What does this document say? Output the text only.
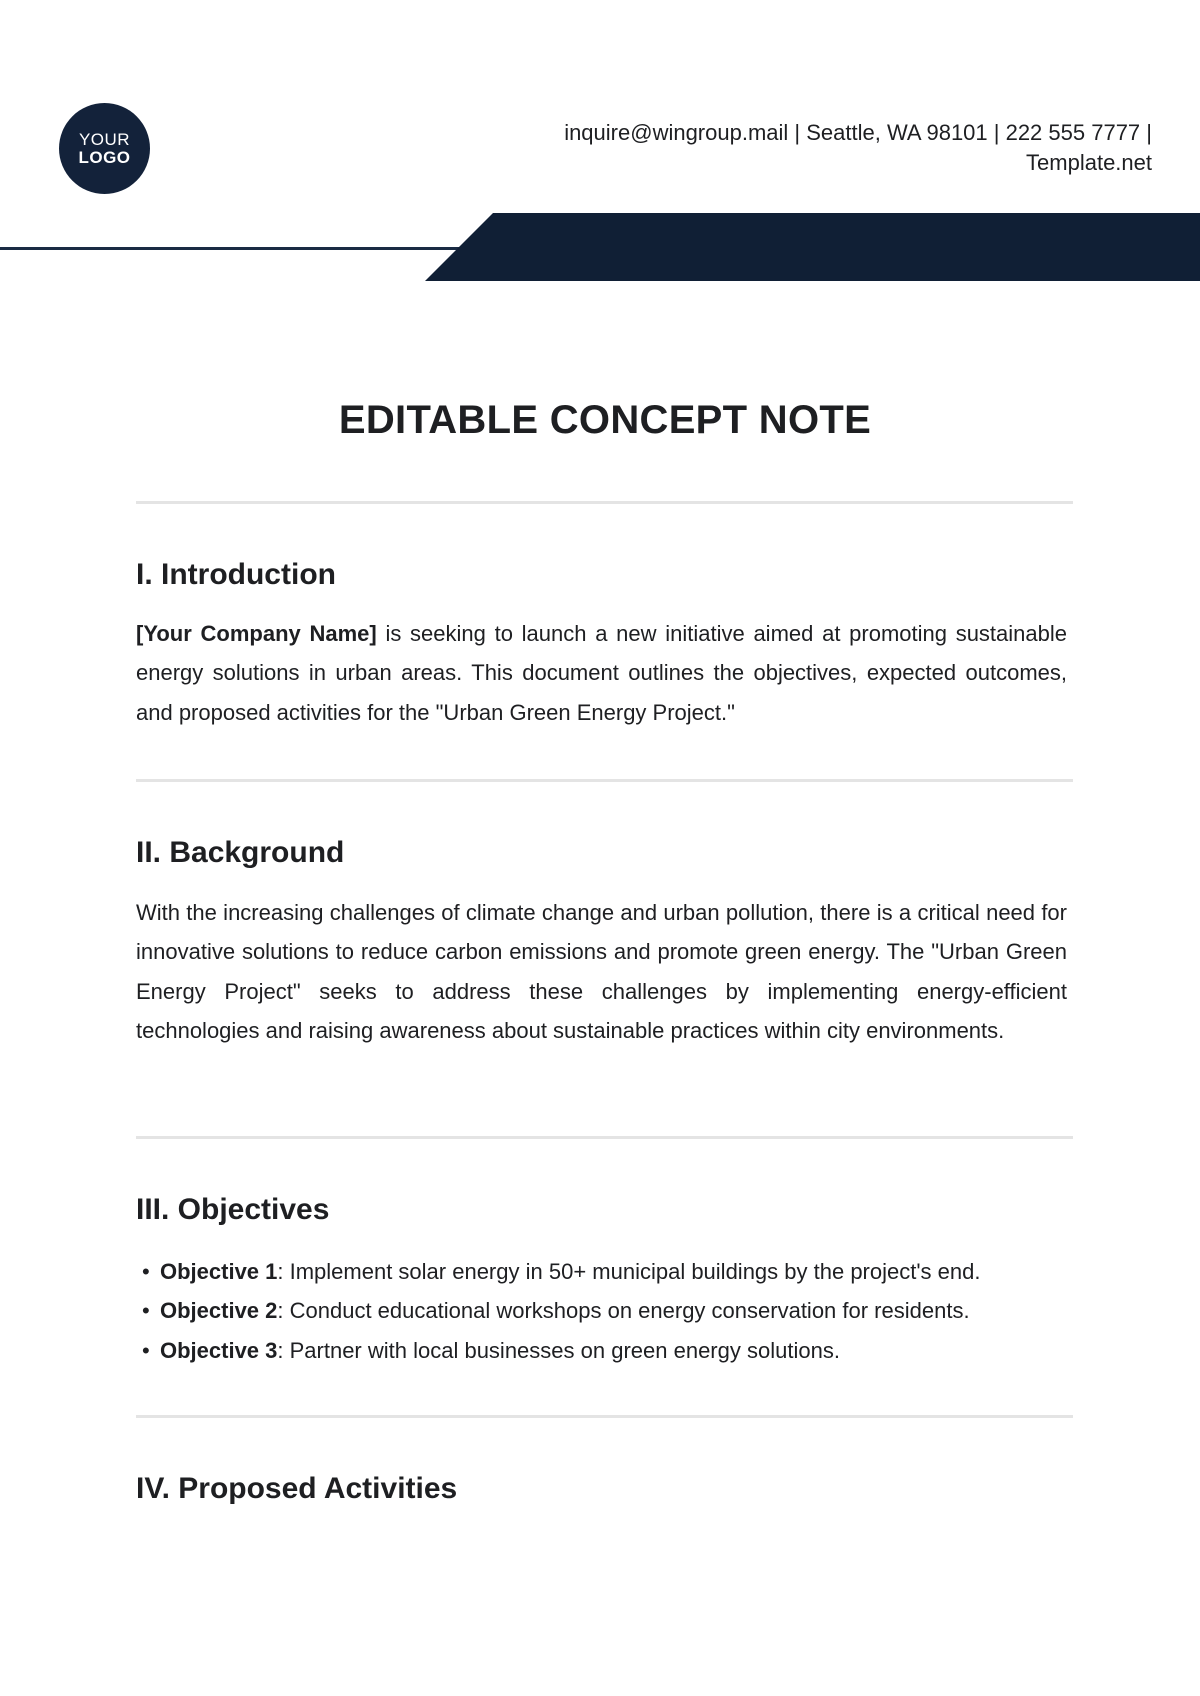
YOUR
LOGO
inquire@wingroup.mail | Seattle, WA 98101 | 222 555 7777 |
Template.net
EDITABLE CONCEPT NOTE
I. Introduction

[Your Company Name] is seeking to launch a new initiative aimed at promoting sustainable energy solutions in urban areas. This document outlines the objectives, expected outcomes, and proposed activities for the "Urban Green Energy Project."

II. Background

With the increasing challenges of climate change and urban pollution, there is a critical need for innovative solutions to reduce carbon emissions and promote green energy. The "Urban Green Energy Project" seeks to address these challenges by implementing energy-efficient technologies and raising awareness about sustainable practices within city environments.

III. Objectives
• Objective 1: Implement solar energy in 50+ municipal buildings by the project's end.
• Objective 2: Conduct educational workshops on energy conservation for residents.
• Objective 3: Partner with local businesses on green energy solutions.
IV. Proposed Activities
